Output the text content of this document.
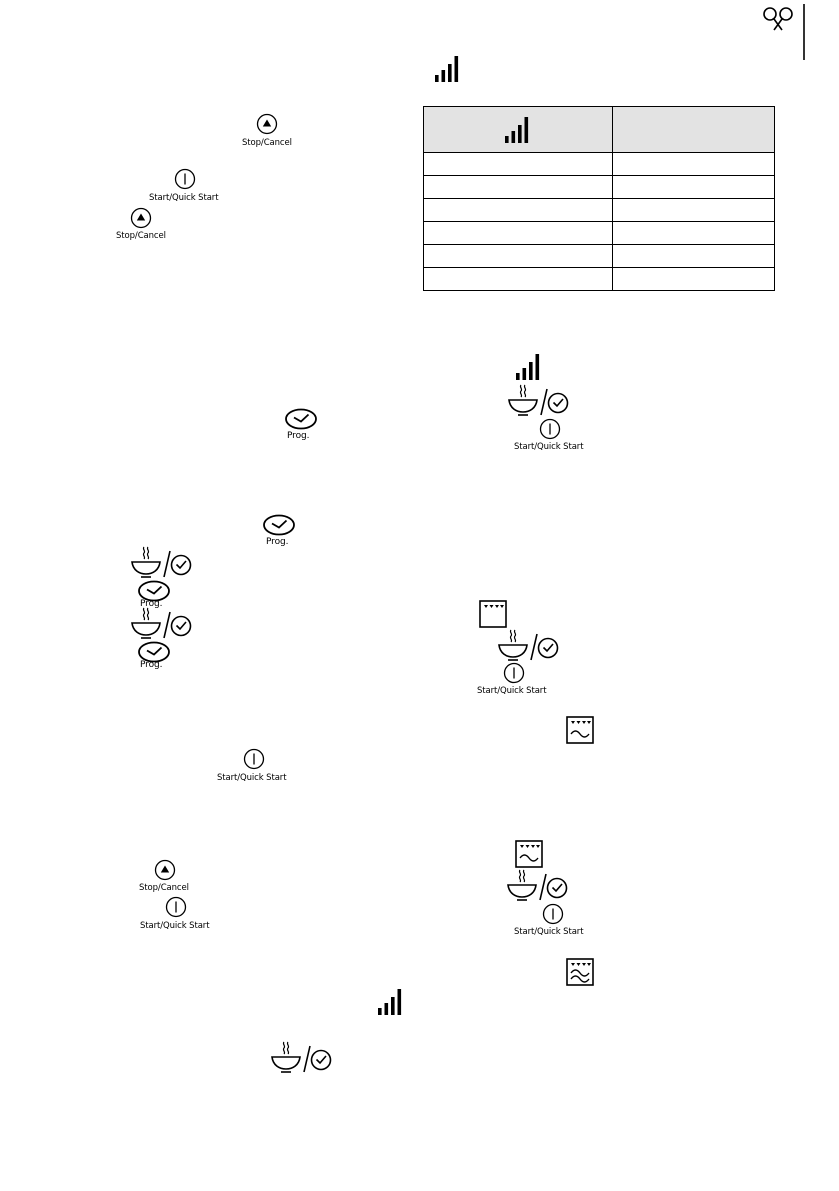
Stop/Cancel
Start/Quick Start
Stop/Cancel
Prog.
Prog.
Prog.
Prog.
Start/Quick Start
Stop/Cancel
Start/Quick Start

Start/Quick Start
Start/Quick Start
Start/Quick Start
